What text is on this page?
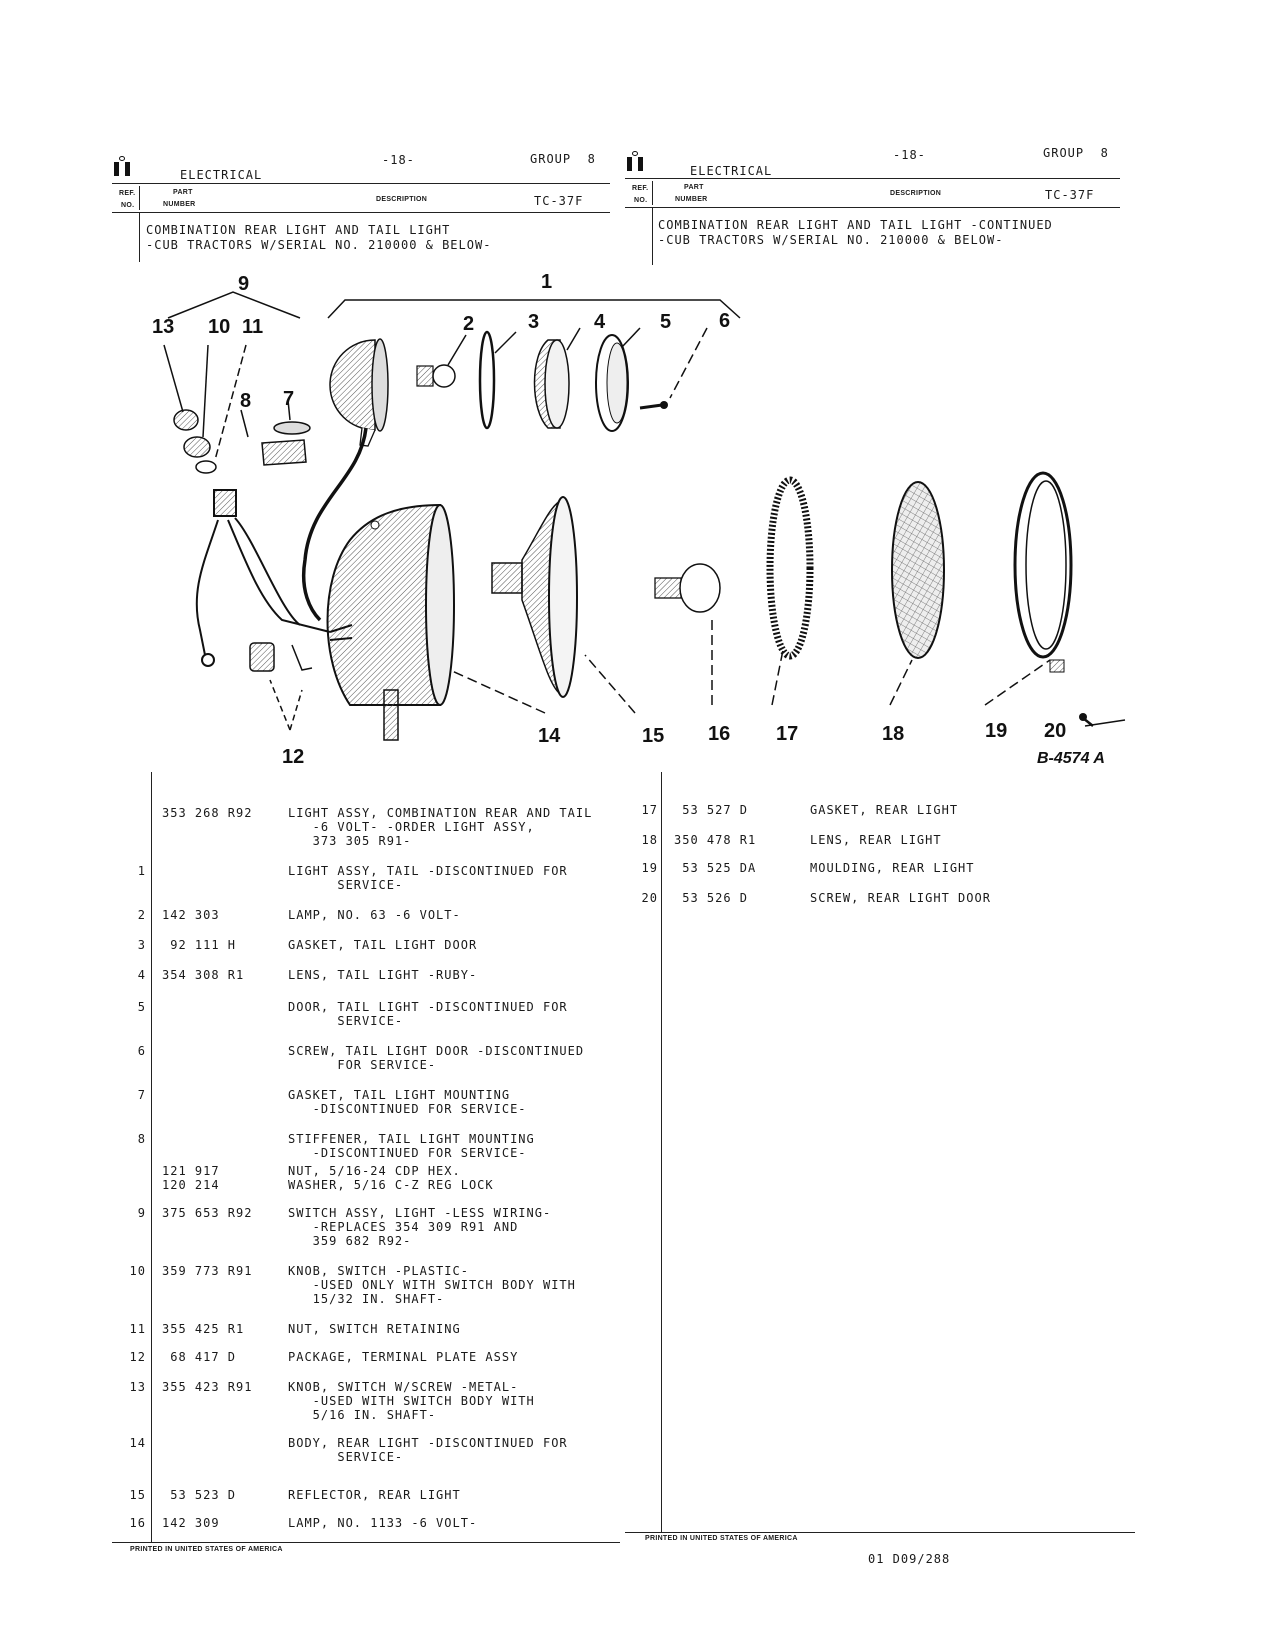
ELECTRICAL
-18-	GROUP  8
REF.
NO.
PART
NUMBER
DESCRIPTION	TC-37F
COMBINATION REAR LIGHT AND TAIL LIGHT
-CUB TRACTORS W/SERIAL NO. 210000 & BELOW-
ELECTRICAL
-18-	GROUP  8
REF.
NO.
PART
NUMBER
DESCRIPTION	TC-37F
COMBINATION REAR LIGHT AND TAIL LIGHT -CONTINUED
-CUB TRACTORS W/SERIAL NO. 210000 & BELOW-
9	1
13 10 11
8 7
2	3	4	5 6
14	15 16 17	18	19 20
12	B-4574 A
353 268 R92	LIGHT ASSY, COMBINATION REAR AND TAIL
-6 VOLT- -ORDER LIGHT ASSY,
373 305 R91-
1	LIGHT ASSY, TAIL -DISCONTINUED FOR
SERVICE-
2 142 303	LAMP, NO. 63 -6 VOLT-
3 92 111 H	GASKET, TAIL LIGHT DOOR
4 354 308 R1	LENS, TAIL LIGHT -RUBY-
5	DOOR, TAIL LIGHT -DISCONTINUED FOR
SERVICE-
6	SCREW, TAIL LIGHT DOOR -DISCONTINUED
FOR SERVICE-
7	GASKET, TAIL LIGHT MOUNTING
-DISCONTINUED FOR SERVICE-
8	STIFFENER, TAIL LIGHT MOUNTING
-DISCONTINUED FOR SERVICE-
121 917	NUT, 5/16-24 CDP HEX.
120 214	WASHER, 5/16 C-Z REG LOCK
9 375 653 R92	SWITCH ASSY, LIGHT -LESS WIRING-
-REPLACES 354 309 R91 AND
359 682 R92-
10 359 773 R91	KNOB, SWITCH -PLASTIC-
-USED ONLY WITH SWITCH BODY WITH
15/32 IN. SHAFT-
11 355 425 R1	NUT, SWITCH RETAINING
12 68 417 D	PACKAGE, TERMINAL PLATE ASSY
13 355 423 R91	KNOB, SWITCH W/SCREW -METAL-
-USED WITH SWITCH BODY WITH
5/16 IN. SHAFT-
14	BODY, REAR LIGHT -DISCONTINUED FOR
SERVICE-
15 53 523 D	REFLECTOR, REAR LIGHT
16 142 309	LAMP, NO. 1133 -6 VOLT-
PRINTED IN UNITED STATES OF AMERICA
17 53 527 D	GASKET, REAR LIGHT
18 350 478 R1	LENS, REAR LIGHT
19 53 525 DA	MOULDING, REAR LIGHT
20 53 526 D	SCREW, REAR LIGHT DOOR
PRINTED IN UNITED STATES OF AMERICA
01 D09/288
